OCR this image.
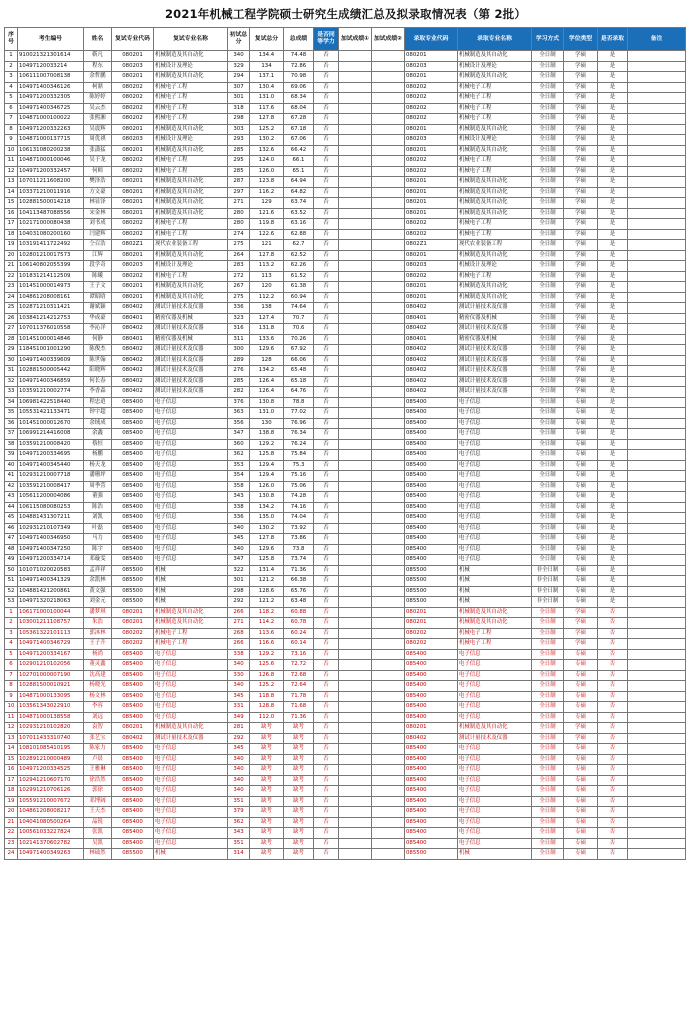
2021年机械工程学院硕士研究生成绩汇总及拟录取情况表（第 2批）
序号	考生编号	姓名	复试专业代码	复试专业名称	初试总分	复试总分	总成绩	是否同等学力	加试成绩①	加试成绩②	录取专业代码	录取专业名称	学习方式	学位类型	是否录取	备注
1	91002132130161​4	靳凡	080201	机械制造及其自动化	340	134.4	74.48	否			080201	机械制造及其自动化	全日制	学硕	是	
2	10497120033214	程东	080203	机械设计及理论	329	134	72.86	否			080203	机械设计及理论	全日制	学硕	是	
3	10611100700813​8	余哲鹏	080201	机械制造及其自动化	294	137.1	70.98	否			080201	机械制造及其自动化	全日制	学硕	是	
4	10497140034612​6	柯鼎	080202	机械电子工程	307	130.4	69.06	否			080202	机械电子工程	全日制	学硕	是	
5	10497120033230​5	陈婷婷	080202	机械电子工程	301	131.0	68.34	否			080202	机械电子工程	全日制	学硕	是	
6	10497140034672​5	吴云杰	080202	机械电子工程	318	117.6	68.04	否			080202	机械电子工程	全日制	学硕	是	
7	10487100010002​2	张熙湘	080202	机械电子工程	298	127.8	67.28	否			080202	机械电子工程	全日制	学硕	是	
8	10497120033226​3	吴震辉	080201	机械制造及其自动化	303	125.2	67.18	否			080201	机械制造及其自动化	全日制	学硕	是	
9	10487100013771​5	周优祺	080203	机械设计及理论	293	130.2	67.06	否			080203	机械设计及理论	全日制	学硕	是	
10	10613108020023​8	张潇猛	080201	机械制造及其自动化	285	132.6	66.42	否			080201	机械制造及其自动化	全日制	学硕	是	
11	10487100010004​6	吴于龙	080202	机械电子工程	295	124.0	66.1	否			080202	机械电子工程	全日制	学硕	是	
12	10497120033245​7	何师	080202	机械电子工程	285	126.0	65.1	否			080202	机械电子工程	全日制	学硕	是	
13	10701121160820​0	樊泽浩	080201	机械制造及其自动化	287	123.8	64.94	否			080201	机械制造及其自动化	全日制	学硕	是	
14	10337121001191​6	方文豪	080201	机械制造及其自动化	297	116.2	64.82	否			080201	机械制造及其自动化	全日制	学硕	是	
15	10288150001421​8	林显泽	080201	机械制造及其自动化	271	129	63.74	否			080201	机械制造及其自动化	全日制	学硕	是	
16	10411348708855​6	宋金林	080201	机械制造及其自动化	280	121.6	63.52	否			080201	机械制造及其自动化	全日制	学硕	是	
17	10217100008043​8	刘书成	080202	机械电子工程	280	119.8	63.16	否			080202	机械电子工程	全日制	学硕	是	
18	10403108020016​0	闫建辉	080202	机械电子工程	274	122.6	62.88	否			080202	机械电子工程	全日制	学硕	是	
19	10319141172249​2	仝召浩	0802Z1	现代农业装备工程	275	121	62.7	否			0802Z1	现代农业装备工程	全日制	学硕	是	
20	10280121001757​3	江辉	080201	机械制造及其自动化	264	127.8	62.52	否			080201	机械制造及其自动化	全日制	学硕	是	
21	10614080205539​9	段学奇	080203	机械设计及理论	283	113.2	62.26	否			080203	机械设计及理论	全日制	学硕	是	
22	10183121411250​9	陈曦	080202	机械电子工程	272	113	61.52	否			080202	机械电子工程	全日制	学硕	是	
23	10145100001497​3	王子文	080201	机械制造及其自动化	267	120	61.38	否			080201	机械制造及其自动化	全日制	学硕	是	
24	10486120800816​1	谭昭晗	080201	机械制造及其自动化	275	112.2	60.94	否			080201	机械制造及其自动化	全日制	学硕	是	
25	10287121031142​1	谢斌颖	080402	测试计量技术及仪器	336	138	74.64	否			080402	测试计量技术及仪器	全日制	学硕	是	
26	10384121421275​3	华成豪	080401	精密仪器及机械	323	127.4	70.7	否			080401	精密仪器及机械	全日制	学硕	是	
27	10701137601055​8	李沁洋	080402	测试计量技术及仪器	316	131.8	70.6	否			080402	测试计量技术及仪器	全日制	学硕	是	
28	10145100001484​6	何静	080401	精密仪器及机械	311	133.6	70.26	否			080401	精密仪器及机械	全日制	学硕	是	
29	11845100100129​0	陈俊杰	080402	测试计量技术及仪器	300	129.6	67.92	否			080402	测试计量技术及仪器	全日制	学硕	是	
30	10497140033960​9	陈世翰	080402	测试计量技术及仪器	289	128	66.06	否			080402	测试计量技术及仪器	全日制	学硕	是	
31	10288150000544​2	阳晓辉	080402	测试计量技术及仪器	276	134.2	65.48	否			080402	测试计量技术及仪器	全日制	学硕	是	
32	10497140034685​9	何长春	080402	测试计量技术及仪器	285	126.4	65.18	否			080402	测试计量技术及仪器	全日制	学硕	是	
33	10359121000277​4	李香森	080402	测试计量技术及仪器	282	126.4	64.76	否			080402	测试计量技术及仪器	全日制	学硕	是	
34	10698142251844​0	程忠逍	085400	电子信息	376	130.8	78.8	否			085400	电子信息	全日制	专硕	是	
35	10553142113347​1	钟宇超	085400	电子信息	363	131.0	77.02	否			085400	电子信息	全日制	专硕	是	
36	10145100001267​0	余绒成	085400	电子信息	356	130	76.96	否			085400	电子信息	全日制	专硕	是	
37	10699121441600​8	余鑫	085400	电子信息	347	138.8	76.34	否			085400	电子信息	全日制	专硕	是	
38	10359121000842​0	蔡恒	085400	电子信息	360	129.2	76.24	否			085400	电子信息	全日制	专硕	是	
39	10497120033469​5	杨鹏	085400	电子信息	362	125.8	75.84	否			085400	电子信息	全日制	专硕	是	
40	10497140034544​0	杨天龙	085400	电子信息	353	129.4	75.3	否			085400	电子信息	全日制	专硕	是	
41	10293121000771​8	潘珊坪	085400	电子信息	354	129.4	75.16	否			085400	电子信息	全日制	专硕	是	
42	10359121000841​7	周季萱	085400	电子信息	358	126.0	75.06	否			085400	电子信息	全日制	专硕	是	
43	10561120000408​6	董强	085400	电子信息	343	130.8	74.28	否			085400	电子信息	全日制	专硕	是	
44	10611508008025​3	陈浩	085400	电子信息	338	134.2	74.16	否			085400	电子信息	全日制	专硕	是	
45	10488143130721​1	刘凯	085400	电子信息	336	135.0	74.04	否			085400	电子信息	全日制	专硕	是	
46	10293121010734​9	叶磊	085400	电子信息	340	130.2	73.92	否			085400	电子信息	全日制	专硕	是	
47	10497140034695​0	马力	085400	电子信息	345	127.8	73.86	否			085400	电子信息	全日制	专硕	是	
48	10497140034725​0	陈宇	085400	电子信息	340	129.6	73.8	否			085400	电子信息	全日制	专硕	是	
49	10497120033471​4	邓璇雯	085400	电子信息	347	125.8	73.74	否			085400	电子信息	全日制	专硕	是	
50	10107102002058​3	孟祥祥	085500	机械	322	131.4	71.36	否			085500	机械	非全日制	专硕	是	
51	10497140034132​9	余凯林	085500	机械	301	121.2	66.38	否			085500	机械	非全日制	专硕	是	
52	10488142120086​1	黄文强	085500	机械	298	128.6	65.76	否			085500	机械	非全日制	专硕	是	
53	10497132021806​3	刘金元	085500	机械	292	121.2	63.48	否			085500	机械	非全日制	专硕	是	
1	10617100010004​4	潘梦琪	080201	机械制造及其自动化	266	118.2	60.88	否			080201	机械制造及其自动化	全日制	学硕	否	
2	10300121110875​7	朱浩	080201	机械制造及其自动化	271	114.2	60.78	否			080201	机械制造及其自动化	全日制	学硕	否	
3	10536132210111​3	郭沐林	080202	机械电子工程	268	113.6	60.24	否			080202	机械电子工程	全日制	学硕	否	
4	10497140034672​9	王子升	080202	机械电子工程	266	116.6	60.14	否			080202	机械电子工程	全日制	学硕	否	
5	10497120033416​7	杨尚	085400	电子信息	338	129.2	73.16	否			085400	电子信息	全日制	专硕	否	
6	10290121010205​6	董灵鑫	085400	电子信息	340	125.6	72.72	否			085400	电子信息	全日制	专硕	否	
7	10270100000719​0	沈高建	085400	电子信息	330	126.8	72.68	否			085400	电子信息	全日制	专硕	否	
8	10288150001092​1	杨晓光	085400	电子信息	340	125.2	72.64	否			085400	电子信息	全日制	专硕	否	
9	10487100013309​5	杨文林	085400	电子信息	345	118.8	71.78	否			085400	电子信息	全日制	专硕	否	
10	10356134302291​0	李容	085400	电子信息	331	128.8	71.68	否			085400	电子信息	全日制	专硕	否	
11	10487100013855​8	刘远	085400	电子信息	349	112.0	71.36	否			085400	电子信息	全日制	专硕	否	
12	10293121010282​0	袁智	080201	机械制造及其自动化	281	缺考	缺考	否			080201	机械制造及其自动化	全日制	学硕	否	
13	10701143331074​0	张艺宝	080402	测试计量技术及仪器	292	缺考	缺考	否			080402	测试计量技术及仪器	全日制	学硕	否	
14	10810108541019​5	陈家力	085400	电子信息	345	缺考	缺考	否			085400	电子信息	全日制	专硕	否	
15	10289121000048​9	卢晨	085400	电子信息	340	缺考	缺考	否			085400	电子信息	全日制	专硕	否	
16	10497120033452​5	王雅琳	085400	电子信息	340	缺考	缺考	否			085400	电子信息	全日制	专硕	否	
17	10294121060717​0	徐浩然	085400	电子信息	340	缺考	缺考	否			085400	电子信息	全日制	专硕	否	
18	10299121070612​6	郭徐	085400	电子信息	340	缺考	缺考	否			085400	电子信息	全日制	专硕	否	
19	10559121000767​2	邓博阔	085400	电子信息	351	缺考	缺考	否			085400	电子信息	全日制	专硕	否	
20	10486120800821​7	王天杰	085400	电子信息	379	缺考	缺考	否			085400	电子信息	全日制	专硕	否	
21	10404108050026​4	晶锐	085400	电子信息	362	缺考	缺考	否			085400	电子信息	全日制	专硕	否	
22	10056103322782​4	张凯	085400	电子信息	343	缺考	缺考	否			085400	电子信息	全日制	专硕	否	
23	10214137060278​2	吴凯	085400	电子信息	351	缺考	缺考	否			085400	电子信息	全日制	专硕	否	
24	10497140034926​3	林础然	085500	机械	314	缺考	缺考	否			085500	机械	全日制	专硕	否	
